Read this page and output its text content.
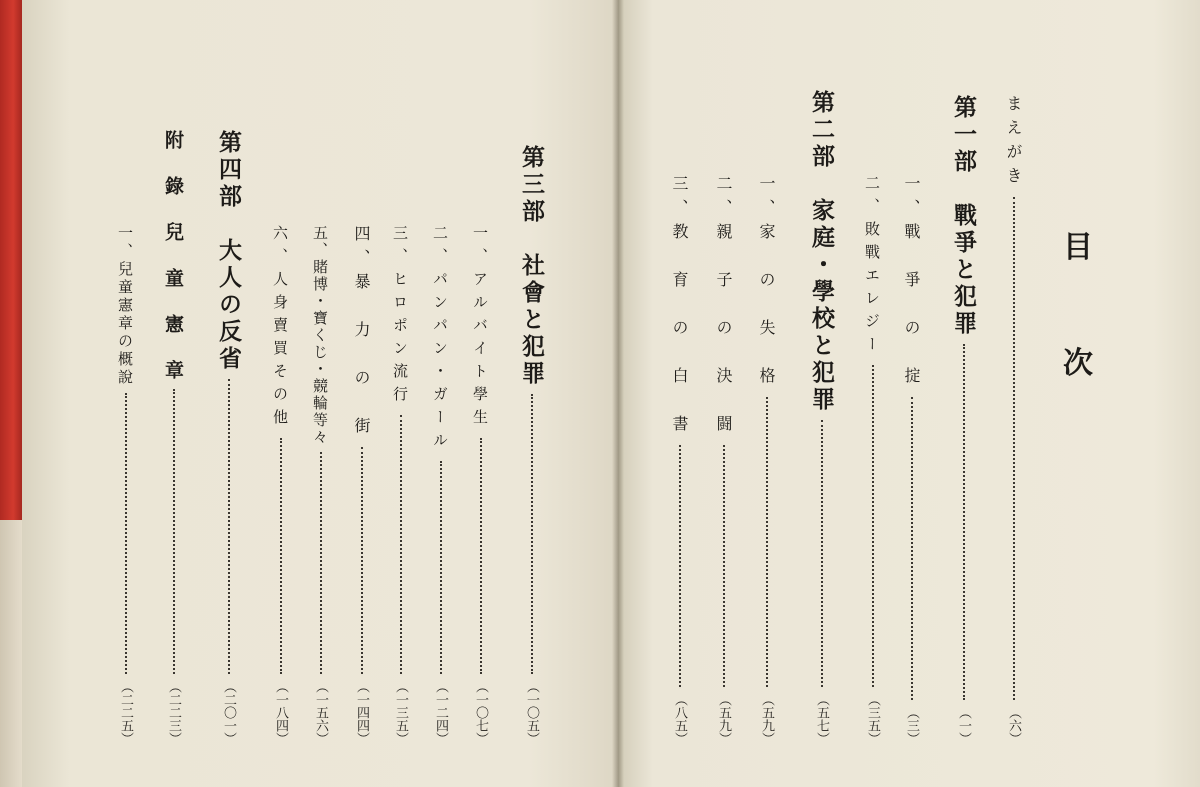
目
次
まえがき
（六）
第一部　戰爭と犯罪
（一）
一、戰　爭　の　掟
（三）
二、敗戰エレジー
（三五）
第二部　家庭・學校と犯罪
（五七）
一、家　の　失　格
（五九）
二、親　子　の　決　闘
（五九）
三、教　育　の　白　書
（八五）
第三部　社會と犯罪
（一〇五）
一、アルバイト學生
（一〇七）
二、パンパン・ガール
（一二四）
三、ヒロポン流行
（一三五）
四、暴　力　の　街
（一四四）
五、賭博・寶くじ・競輪等々
（一五六）
六、人身賣買その他
（一八四）
第四部　大人の反省
（二〇一）
附　錄　兒　童　憲　章
（二二三）
一、兒童憲章の概說
（二二五）
